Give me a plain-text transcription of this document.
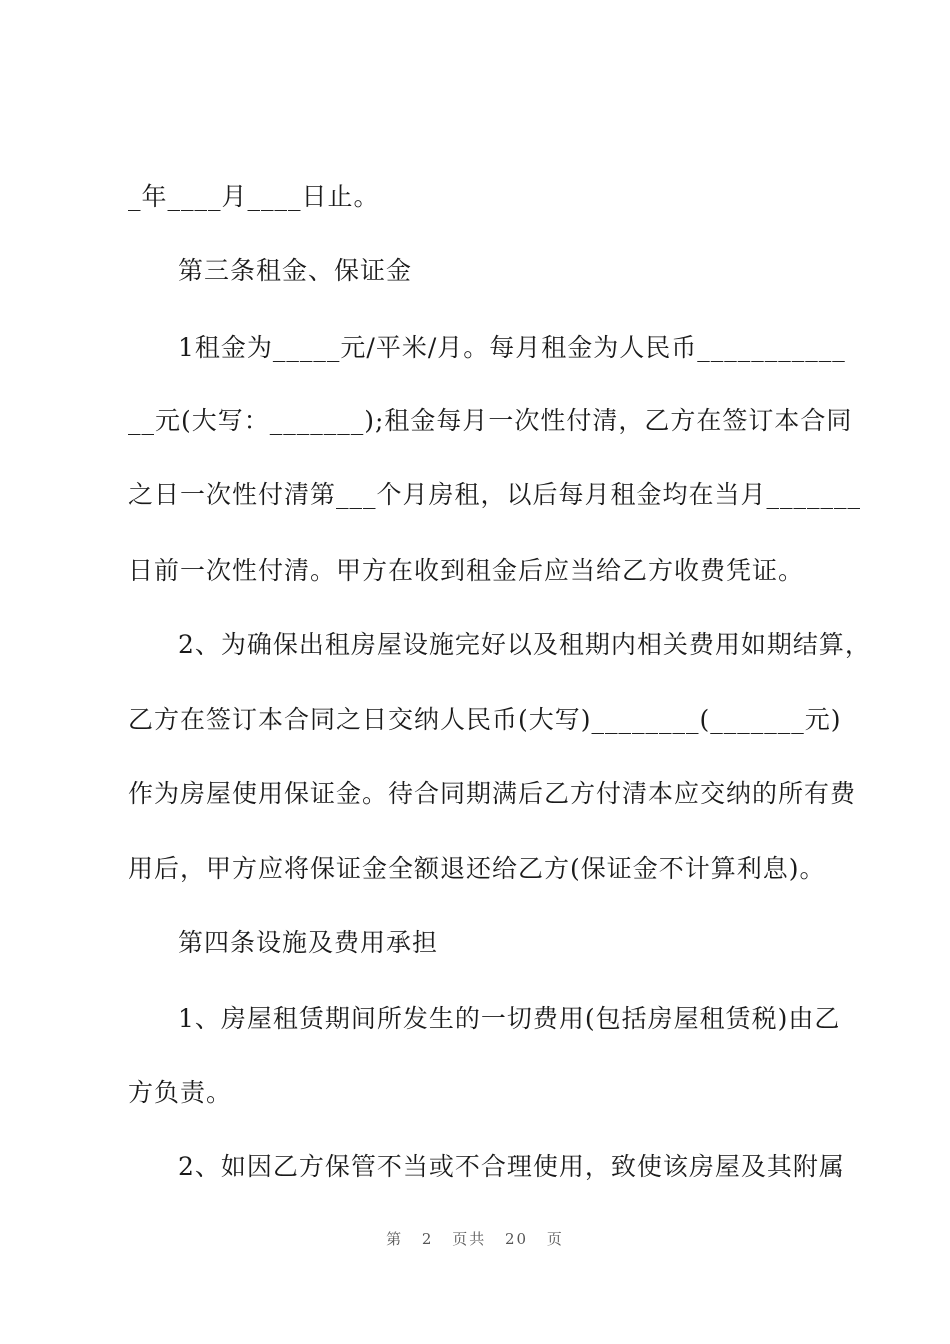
_年____月____日止。
第三条租金、保证金
1租金为_____元/平米/月。每月租金为人民币___________
__元(大写：_______);租金每月一次性付清，乙方在签订本合同
之日一次性付清第___个月房租，以后每月租金均在当月_______
日前一次性付清。甲方在收到租金后应当给乙方收费凭证。
2、为确保出租房屋设施完好以及租期内相关费用如期结算，
乙方在签订本合同之日交纳人民币(大写)________(_______元)
作为房屋使用保证金。待合同期满后乙方付清本应交纳的所有费
用后，甲方应将保证金全额退还给乙方(保证金不计算利息)。
第四条设施及费用承担
1、房屋租赁期间所发生的一切费用(包括房屋租赁税)由乙
方负责。
2、如因乙方保管不当或不合理使用，致使该房屋及其附属
第 2 页共 20 页
